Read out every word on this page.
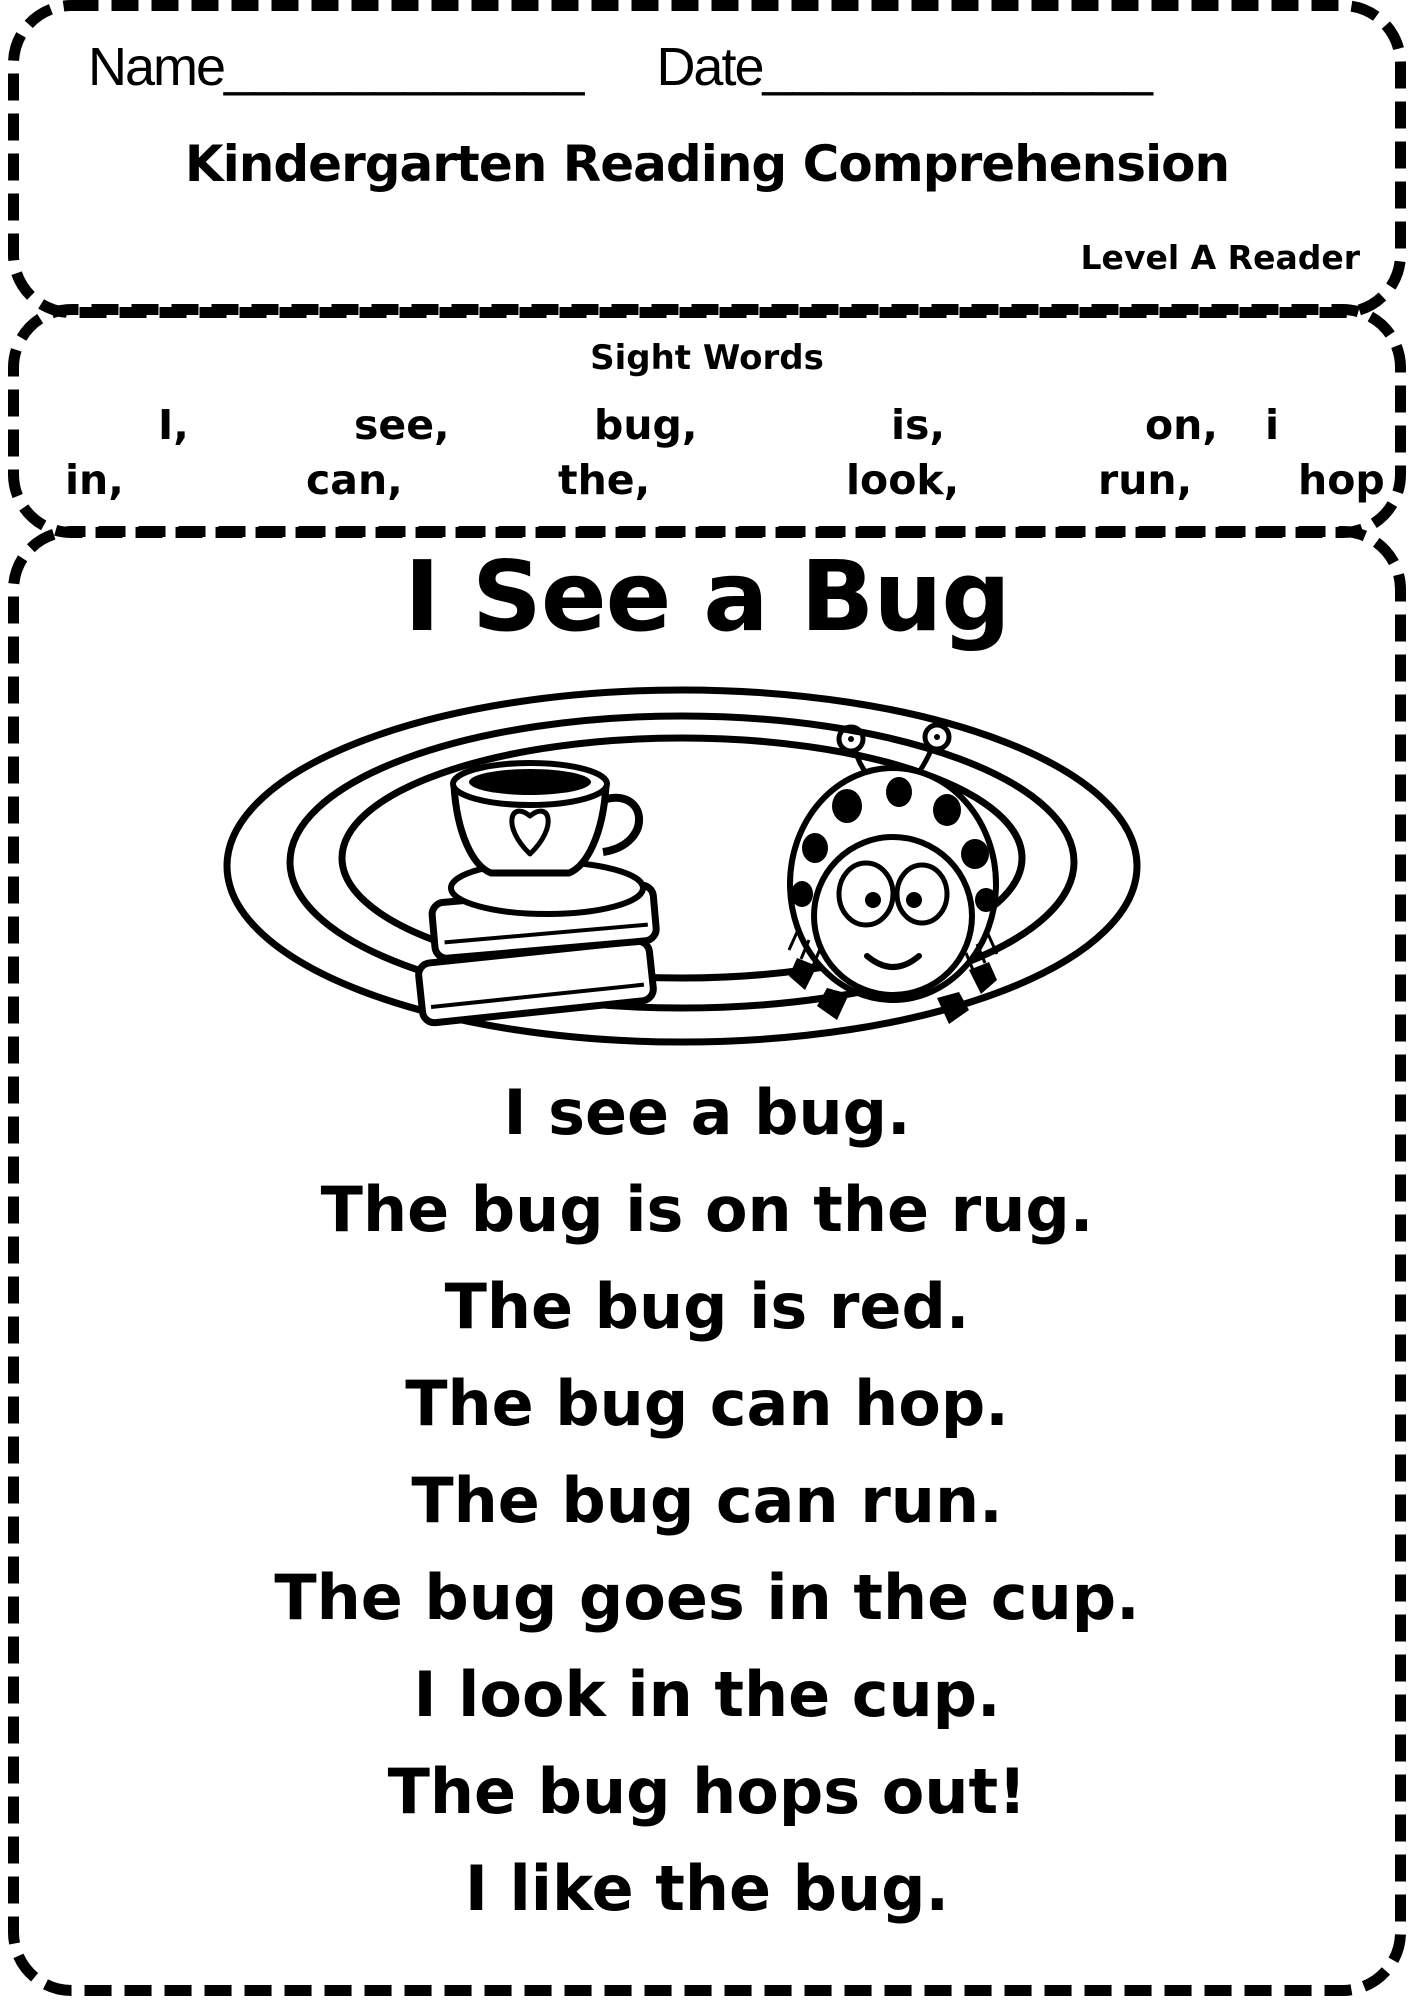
Name ____________ Date _____________
Kindergarten Reading Comprehension
Level A Reader
Sight Words
I,	see,	bug,	is,	on, i
in,	can,	the,	look,	run,	hop
I See a Bug
I see a bug.
The bug is on the rug.
The bug is red.
The bug can hop.
The bug can run.
The bug goes in the cup.
I look in the cup.
The bug hops out!
I like the bug.
